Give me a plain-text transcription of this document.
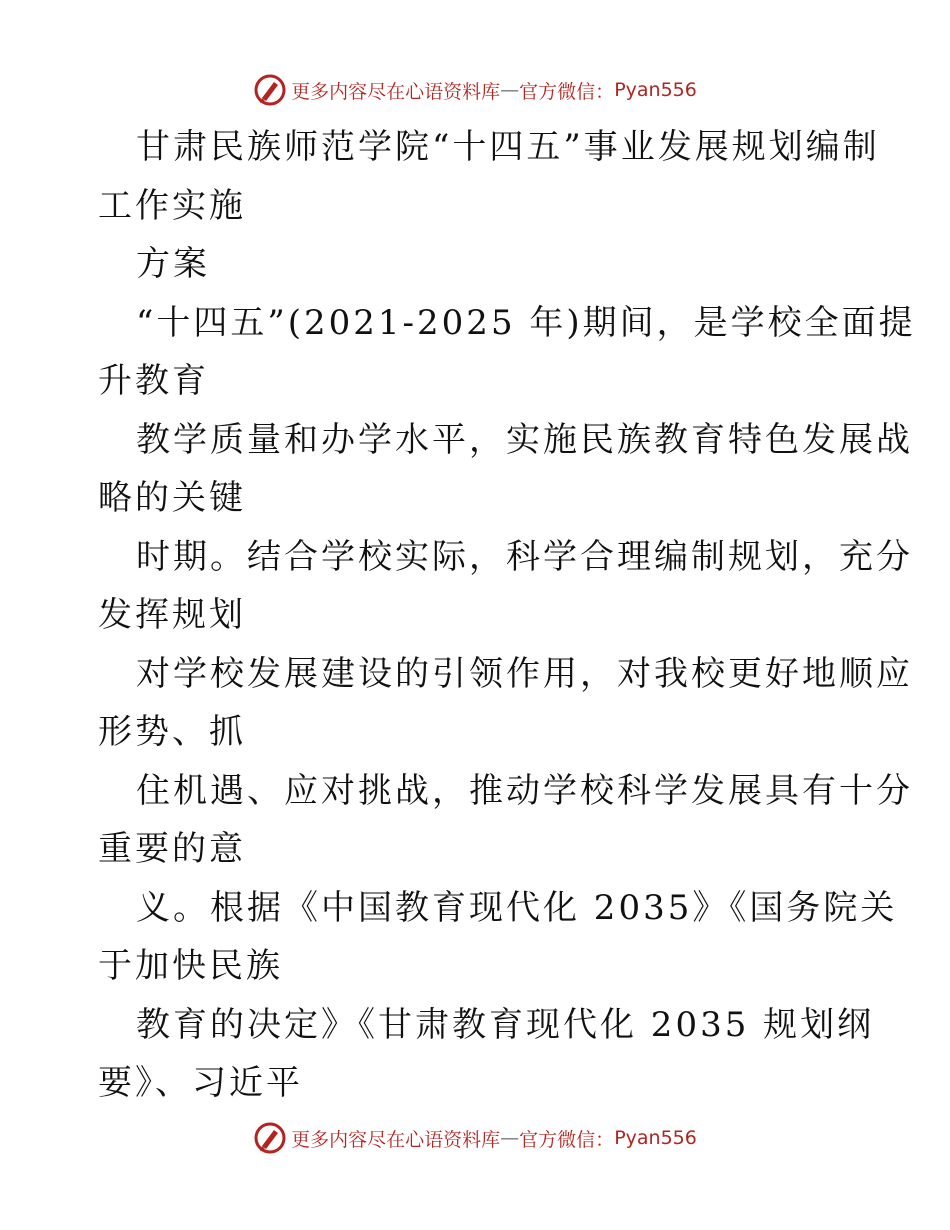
更多内容尽在心语资料库 — 官方微信： Pyan556
甘肃民族师范学院“十四五”事业发展规划编制
工作实施
方案
“十四五”(2021-2025 年)期间，是学校全面提
升教育
教学质量和办学水平，实施民族教育特色发展战
略的关键
时期。结合学校实际，科学合理编制规划，充分
发挥规划
对学校发展建设的引领作用，对我校更好地顺应
形势、抓
住机遇、应对挑战，推动学校科学发展具有十分
重要的意
义。根据《中国教育现代化 2035》《国务院关
于加快民族
教育的决定》《甘肃教育现代化 2035 规划纲
要》、习近平
更多内容尽在心语资料库 — 官方微信： Pyan556
